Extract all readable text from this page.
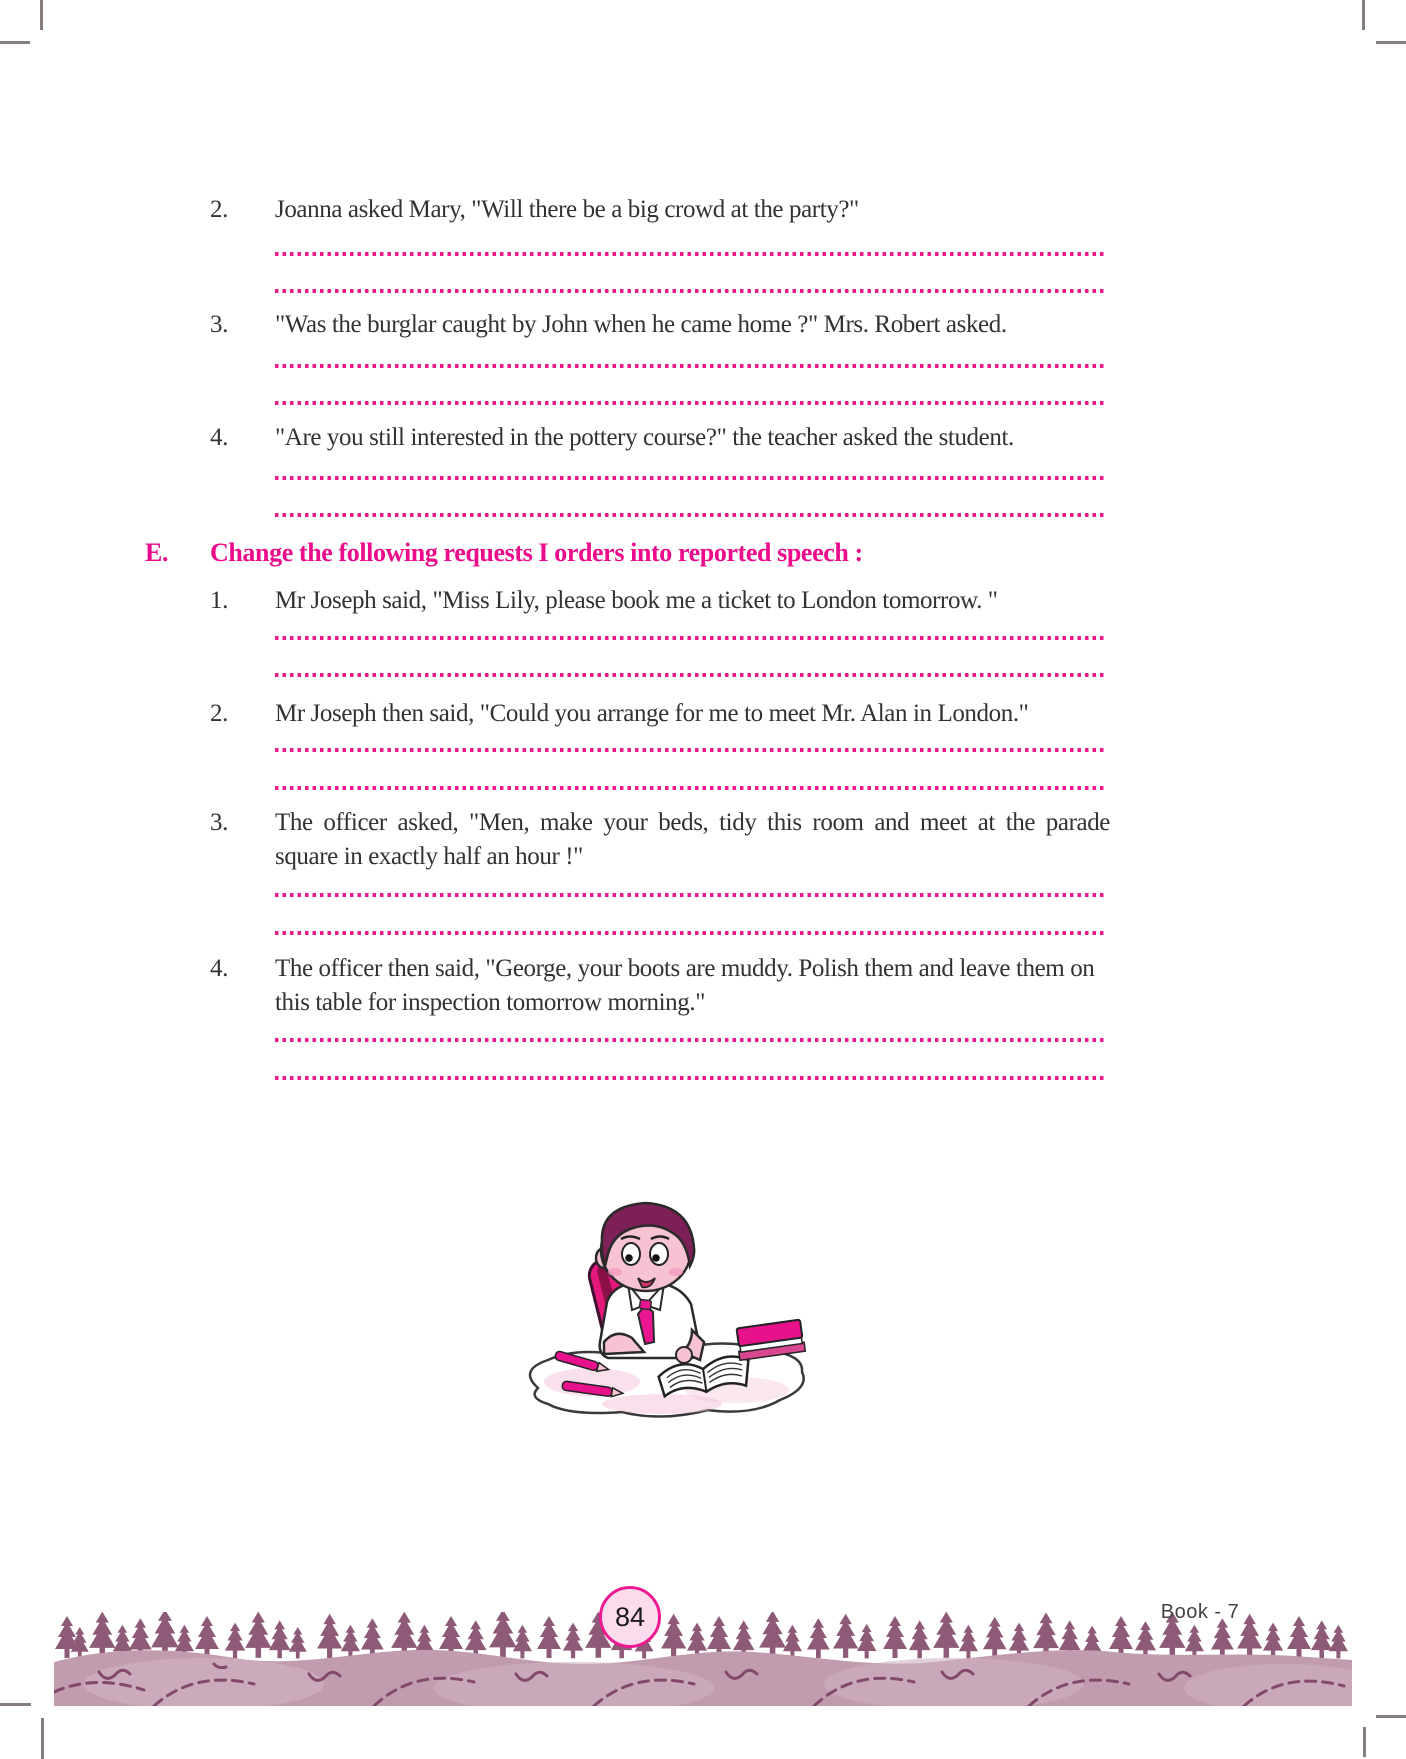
2.	Joanna asked Mary, "Will there be a big crowd at the party?"
3.	"Was the burglar caught by John when he came home ?" Mrs. Robert asked.
4.	"Are you still interested in the pottery course?" the teacher asked the student.
E.	Change the following requests I orders into reported speech :
1.	Mr Joseph said, "Miss Lily, please book me a ticket to London tomorrow. "
2.	Mr Joseph then said, "Could you arrange for me to meet Mr. Alan in London."
3.	The officer asked, "Men, make your beds, tidy this room and meet at the parade square in exactly half an hour !"
4.	The officer then said, "George, your boots are muddy. Polish them and leave them on this table for inspection tomorrow morning."
84	Book - 7
